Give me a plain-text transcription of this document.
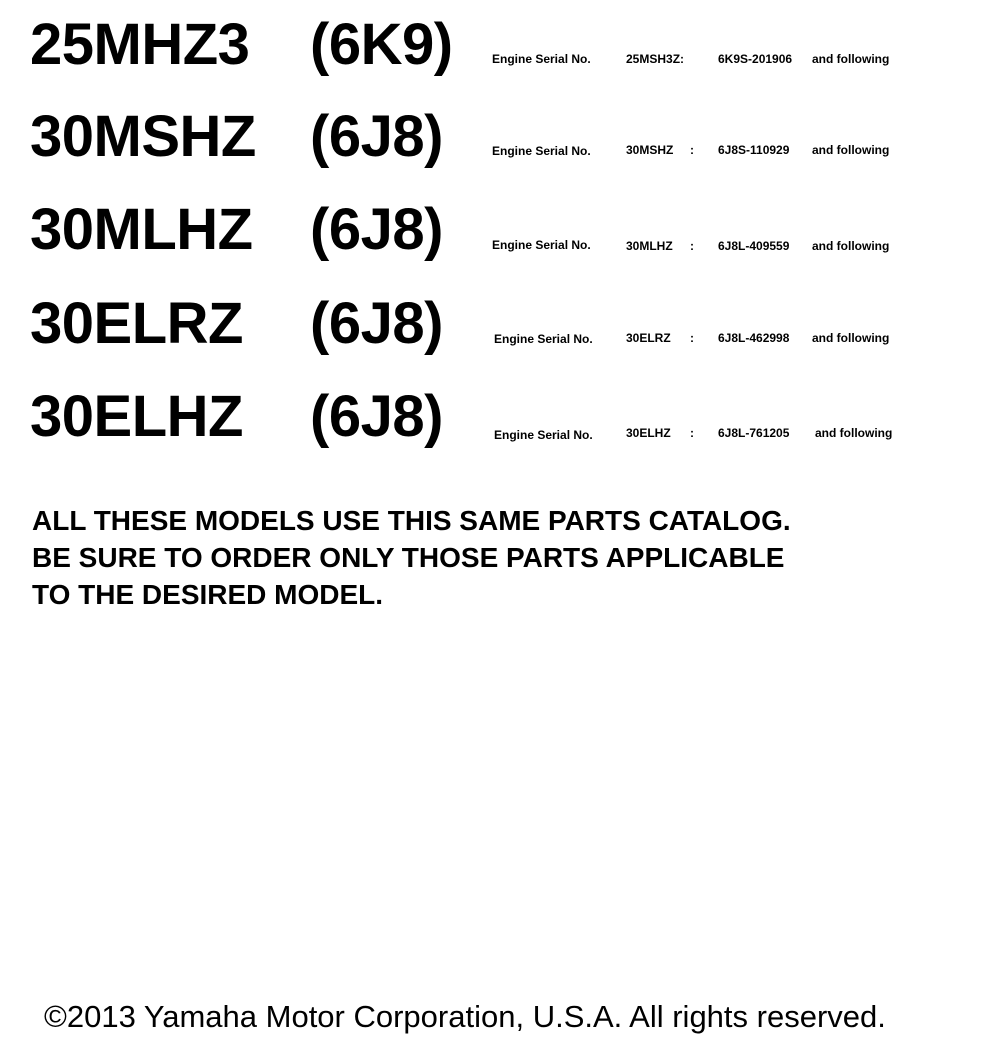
25MHZ3 (6K9)	Engine Serial No.	25MSH3Z:	6K9S-201906 and following
30MSHZ (6J8)	Engine Serial No.	30MSHZ : 6J8S-110929 and following
30MLHZ (6J8)	Engine Serial No.	30MLHZ : 6J8L-409559 and following
30ELRZ (6J8)	Engine Serial No.	30ELRZ : 6J8L-462998 and following
30ELHZ (6J8)	Engine Serial No.	30ELHZ : 6J8L-761205 and following
ALL THESE MODELS USE THIS SAME PARTS CATALOG.
BE SURE TO ORDER ONLY THOSE PARTS APPLICABLE
TO THE DESIRED MODEL.
©2013 Yamaha Motor Corporation, U.S.A. All rights reserved.
